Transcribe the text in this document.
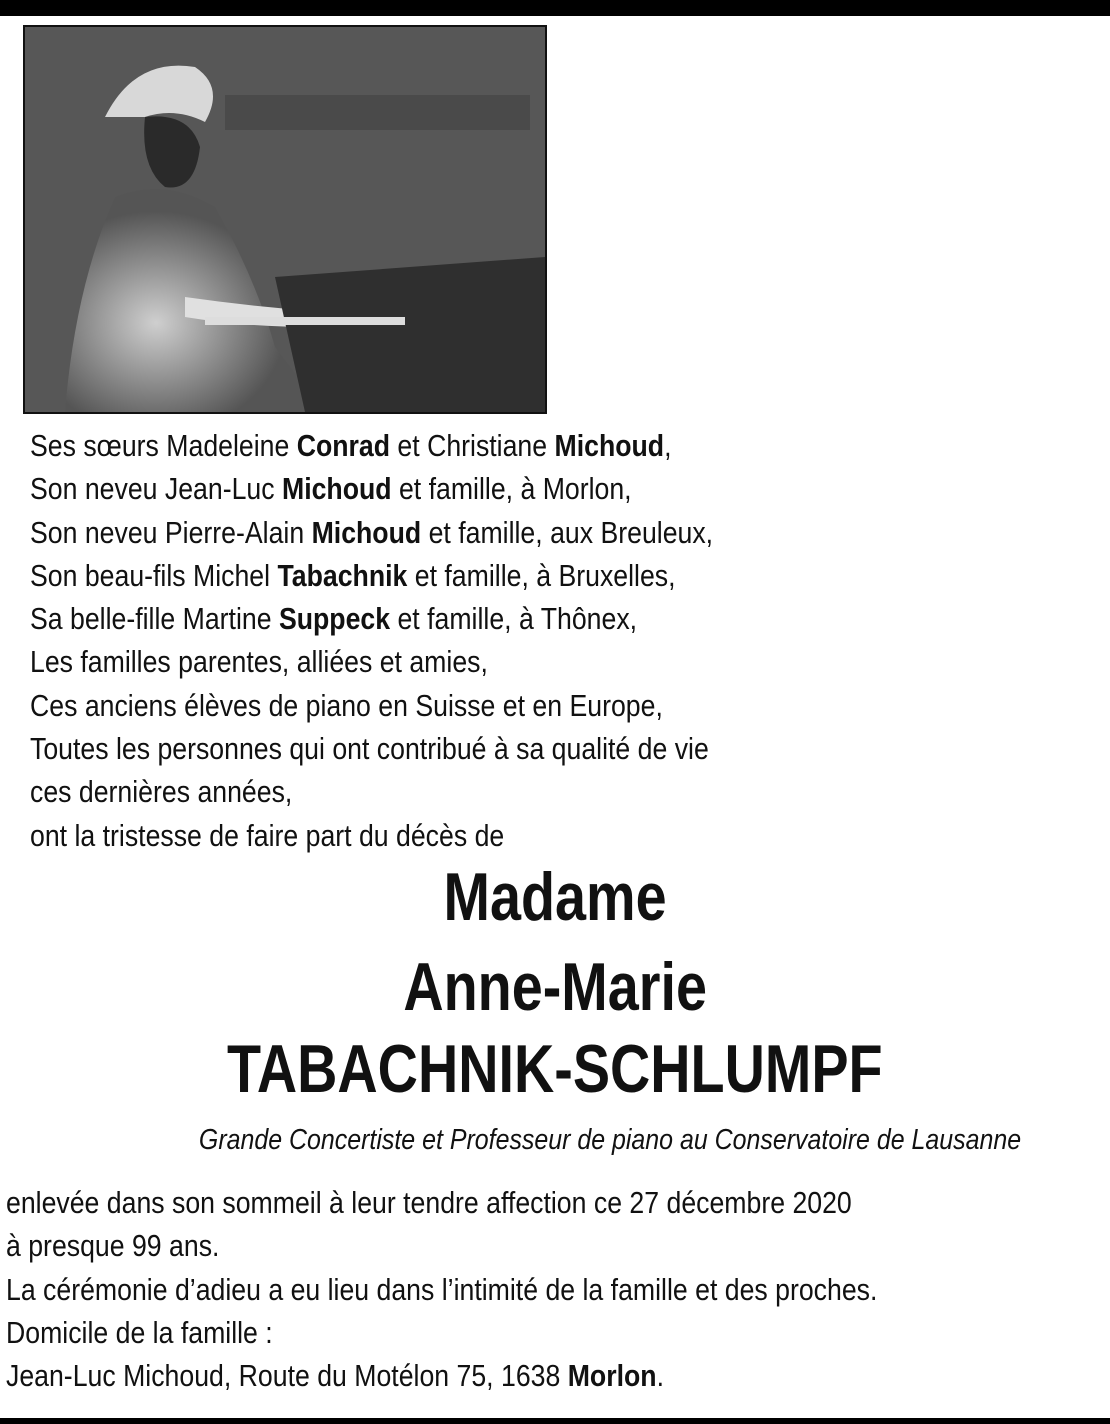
Ses sœurs Madeleine Conrad et Christiane Michoud,
Son neveu Jean-Luc Michoud et famille, à Morlon,
Son neveu Pierre-Alain Michoud et famille, aux Breuleux,
Son beau-fils Michel Tabachnik et famille, à Bruxelles,
Sa belle-fille Martine Suppeck et famille, à Thônex,
Les familles parentes, alliées et amies,
Ces anciens élèves de piano en Suisse et en Europe,
Toutes les personnes qui ont contribué à sa qualité de vie
ces dernières années,
ont la tristesse de faire part du décès de
Madame
Anne-Marie
TABACHNIK-SCHLUMPF
Grande Concertiste et Professeur de piano au Conservatoire de Lausanne
enlevée dans son sommeil à leur tendre affection ce 27 décembre 2020
à presque 99 ans.
La cérémonie d’adieu a eu lieu dans l’intimité de la famille et des proches.
Domicile de la famille :
Jean-Luc Michoud, Route du Motélon 75, 1638 Morlon.
